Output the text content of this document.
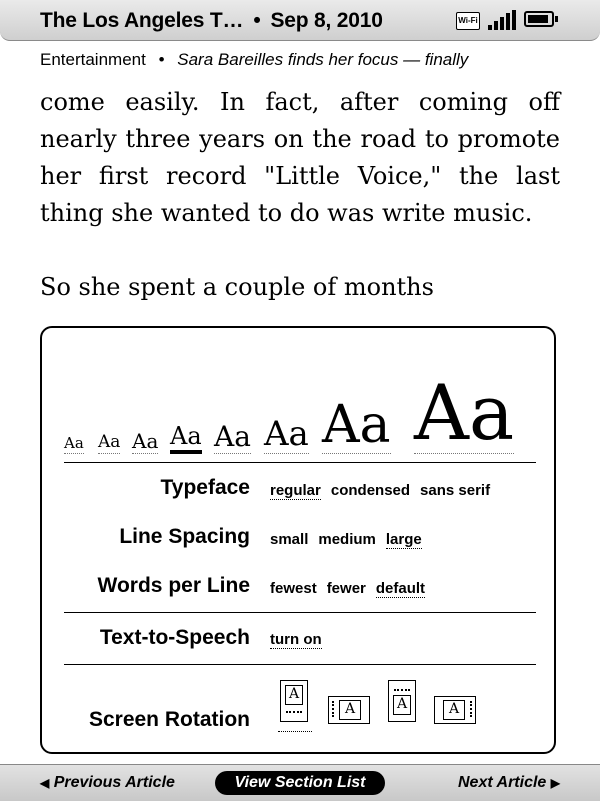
The Los Angeles T… • Sep 8, 2010	Wi-Fi
Entertainment • Sara Bareilles finds her focus — finally

come easily. In fact, after coming off nearly three years on the road to promote her first record "Little Voice," the last thing she wanted to do was write music.

So she spent a couple of months

Aa Aa Aa Aa Aa Aa Aa Aa
Typeface regular condensed sans serif
Line Spacing small medium large
Words per Line fewest fewer default
Text-to-Speech turn on
Screen Rotation
A
A	A	A
◀ Previous Article	View Section List	Next Article ▶
